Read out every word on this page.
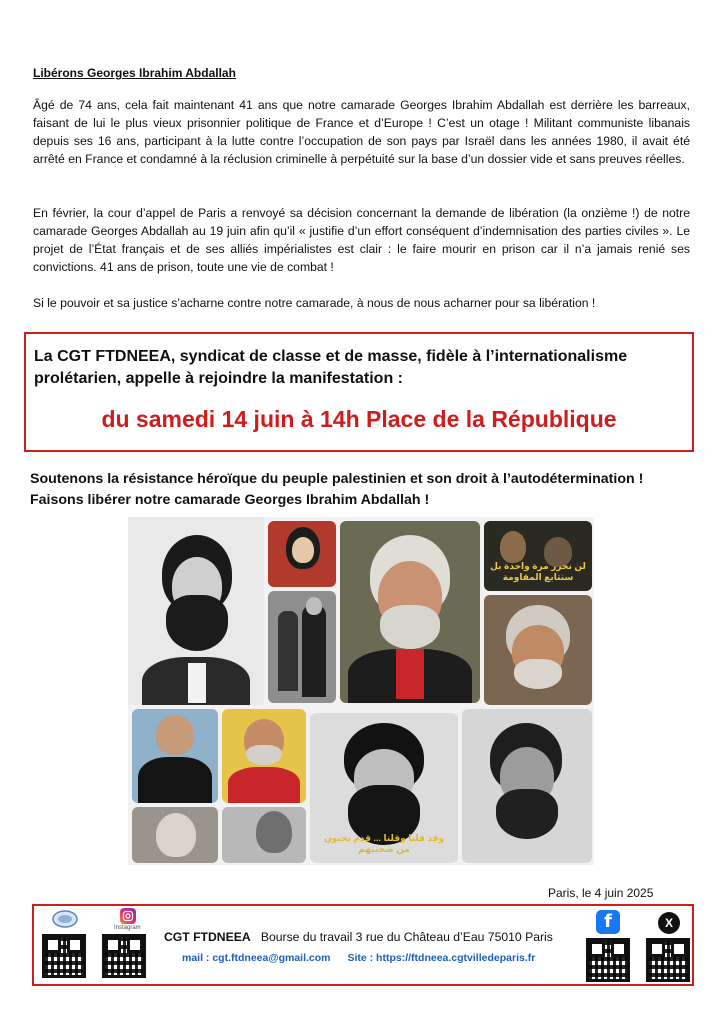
Libérons Georges Ibrahim Abdallah

Âgé de 74 ans, cela fait maintenant 41 ans que notre camarade Georges Ibrahim Abdallah est derrière les barreaux, faisant de lui le plus vieux prisonnier politique de France et d’Europe ! C’est un otage ! Militant communiste libanais depuis ses 16 ans, participant à la lutte contre l’occupation de son pays par Israël dans les années 1980, il avait été arrêté en France et condamné à la réclusion criminelle à perpétuité sur la base d’un dossier vide et sans preuves réelles.

En février, la cour d’appel de Paris a renvoyé sa décision concernant la demande de libération (la onzième !) de notre camarade Georges Abdallah au 19 juin afin qu’il « justifie d’un effort conséquent d’indemnisation des parties civiles ». Le projet de l’État français et de ses alliés impérialistes est clair : le faire mourir en prison car il n’a jamais renié ses convictions. 41 ans de prison, toute une vie de combat !

Si le pouvoir et sa justice s’acharne contre notre camarade, à nous de nous acharner pour sa libération !

La CGT FTDNEEA, syndicat de classe et de masse, fidèle à l’internationalisme prolétarien, appelle à rejoindre la manifestation :
du samedi 14 juin à 14h Place de la République
Soutenons la résistance héroïque du peuple palestinien et son droit à l’autodétermination !
Faisons libérer notre camarade Georges Ibrahim Abdallah !
لن نحرر مرة واحدة بل سنتابع المقاومة
وقد قلنا وقلنا ... قدم يحبون من ضحيتهم
Paris, le 4 juin 2025
Instagram
CGT FTDNEEA Bourse du travail 3 rue du Château d’Eau 75010 Paris
mail : cgt.ftdneea@gmail.com Site : https://ftdneea.cgtvilledeparis.fr
f	X
